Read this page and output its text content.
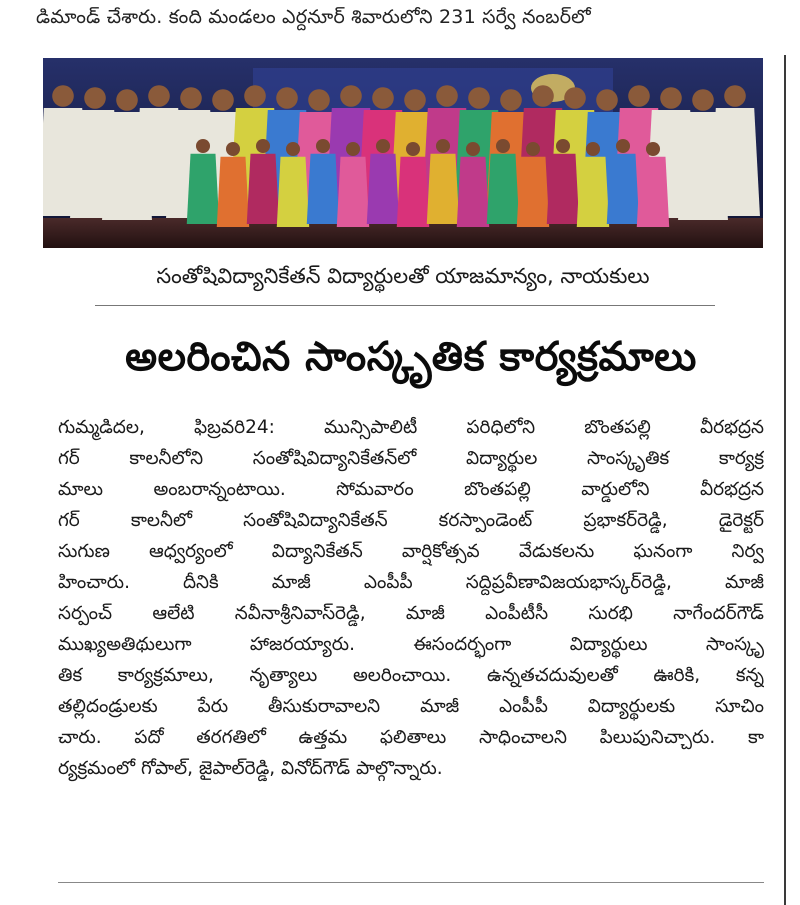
డిమాండ్ చేశారు. కంది మండలం ఎర్దనూర్ శివారులోని 231 సర్వే నంబర్‌లో
సంతోషివిద్యానికేతన్ విద్యార్థులతో యాజమాన్యం, నాయకులు
అలరించిన సాంస్కృతిక కార్యక్రమాలు
గుమ్మడిదల, ఫిబ్రవరి24: మున్సిపాలిటీ పరిధిలోని బొంతపల్లి వీరభద్రన
గర్ కాలనీలోని సంతోషివిద్యానికేతన్‌లో విద్యార్థుల సాంస్కృతిక కార్యక్ర
మాలు అంబరాన్నంటాయి. సోమవారం బొంతపల్లి వార్డులోని వీరభద్రన
గర్ కాలనీలో సంతోషివిద్యానికేతన్ కరస్పాండెంట్ ప్రభాకర్‌రెడ్డి, డైరెక్టర్
సుగుణ ఆధ్వర్యంలో విద్యానికేతన్ వార్షికోత్సవ వేడుకలను ఘనంగా నిర్వ
హించారు. దీనికి మాజీ ఎంపీపీ సద్దిప్రవీణావిజయభాస్కర్‌రెడ్డి, మాజీ
సర్పంచ్ ఆలేటి నవీనాశ్రీనివాస్‌రెడ్డి, మాజీ ఎంపీటీసీ సురభి నాగేందర్‌గౌడ్
ముఖ్యఅతిథులుగా హాజరయ్యారు. ఈసందర్భంగా విద్యార్థులు సాంస్కృ
తిక కార్యక్రమాలు, నృత్యాలు అలరించాయి. ఉన్నతచదువులతో ఊరికి, కన్న
తల్లిదండ్రులకు పేరు తీసుకురావాలని మాజీ ఎంపీపీ విద్యార్థులకు సూచిం
చారు. పదో తరగతిలో ఉత్తమ ఫలితాలు సాధించాలని పిలుపునిచ్చారు. కా
ర్యక్రమంలో గోపాల్, జైపాల్‌రెడ్డి, వినోద్‌గౌడ్ పాల్గొన్నారు.
